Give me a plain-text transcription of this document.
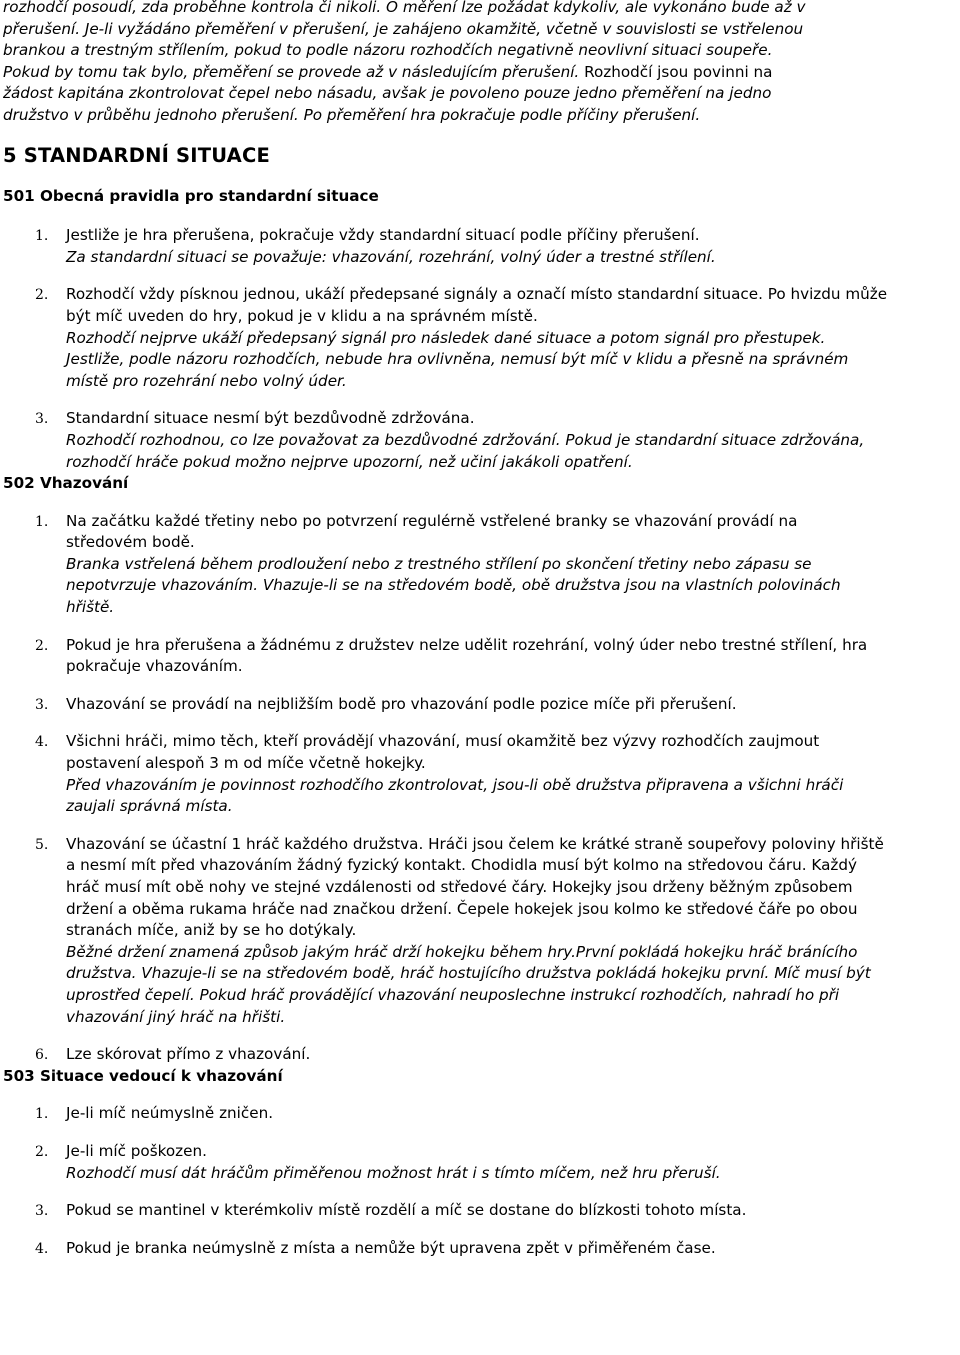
rozhodčí posoudí, zda proběhne kontrola či nikoli. O měření lze požádat kdykoliv, ale vykonáno bude až v

přerušení. Je-li vyžádáno přeměření v přerušení, je zahájeno okamžitě, včetně v souvislosti se vstřelenou

brankou a trestným střílením, pokud to podle názoru rozhodčích negativně neovlivní situaci soupeře.

Pokud by tomu tak bylo, přeměření se provede až v následujícím přerušení. Rozhodčí jsou povinni na

žádost kapitána zkontrolovat čepel nebo násadu, avšak je povoleno pouze jedno přeměření na jedno

družstvo v průběhu jednoho přerušení. Po přeměření hra pokračuje podle příčiny přerušení.

5 STANDARDNÍ SITUACE
501 Obecná pravidla pro standardní situace
1. Jestliže je hra přerušena, pokračuje vždy standardní situací podle příčiny přerušení.

Za standardní situaci se považuje: vhazování, rozehrání, volný úder a trestné střílení.

2. Rozhodčí vždy písknou jednou, ukáží předepsané signály a označí místo standardní situace. Po hvizdu může

být míč uveden do hry, pokud je v klidu a na správném místě.

Rozhodčí nejprve ukáží předepsaný signál pro následek dané situace a potom signál pro přestupek.

Jestliže, podle názoru rozhodčích, nebude hra ovlivněna, nemusí být míč v klidu a přesně na správném

místě pro rozehrání nebo volný úder.

3. Standardní situace nesmí být bezdůvodně zdržována.

Rozhodčí rozhodnou, co lze považovat za bezdůvodné zdržování. Pokud je standardní situace zdržována,

rozhodčí hráče pokud možno nejprve upozorní, než učiní jakákoli opatření.

502 Vhazování
1. Na začátku každé třetiny nebo po potvrzení regulérně vstřelené branky se vhazování provádí na

středovém bodě.

Branka vstřelená během prodloužení nebo z trestného střílení po skončení třetiny nebo zápasu se

nepotvrzuje vhazováním. Vhazuje-li se na středovém bodě, obě družstva jsou na vlastních polovinách

hřiště.

2. Pokud je hra přerušena a žádnému z družstev nelze udělit rozehrání, volný úder nebo trestné střílení, hra

pokračuje vhazováním.

3. Vhazování se provádí na nejbližším bodě pro vhazování podle pozice míče při přerušení.

4. Všichni hráči, mimo těch, kteří provádějí vhazování, musí okamžitě bez výzvy rozhodčích zaujmout

postavení alespoň 3 m od míče včetně hokejky.

Před vhazováním je povinnost rozhodčího zkontrolovat, jsou-li obě družstva připravena a všichni hráči

zaujali správná místa.

5. Vhazování se účastní 1 hráč každého družstva. Hráči jsou čelem ke krátké straně soupeřovy poloviny hřiště

a nesmí mít před vhazováním žádný fyzický kontakt. Chodidla musí být kolmo na středovou čáru. Každý

hráč musí mít obě nohy ve stejné vzdálenosti od středové čáry. Hokejky jsou drženy běžným způsobem

držení a oběma rukama hráče nad značkou držení. Čepele hokejek jsou kolmo ke středové čáře po obou

stranách míče, aniž by se ho dotýkaly.

Běžné držení znamená způsob jakým hráč drží hokejku během hry.První pokládá hokejku hráč bránícího

družstva. Vhazuje-li se na středovém bodě, hráč hostujícího družstva pokládá hokejku první. Míč musí být

uprostřed čepelí. Pokud hráč provádějící vhazování neuposlechne instrukcí rozhodčích, nahradí ho při

vhazování jiný hráč na hřišti.

6. Lze skórovat přímo z vhazování.

503 Situace vedoucí k vhazování
1. Je-li míč neúmyslně zničen.

2. Je-li míč poškozen.

Rozhodčí musí dát hráčům přiměřenou možnost hrát i s tímto míčem, než hru přeruší.

3. Pokud se mantinel v kterémkoliv místě rozdělí a míč se dostane do blízkosti tohoto místa.

4. Pokud je branka neúmyslně z místa a nemůže být upravena zpět v přiměřeném čase.
